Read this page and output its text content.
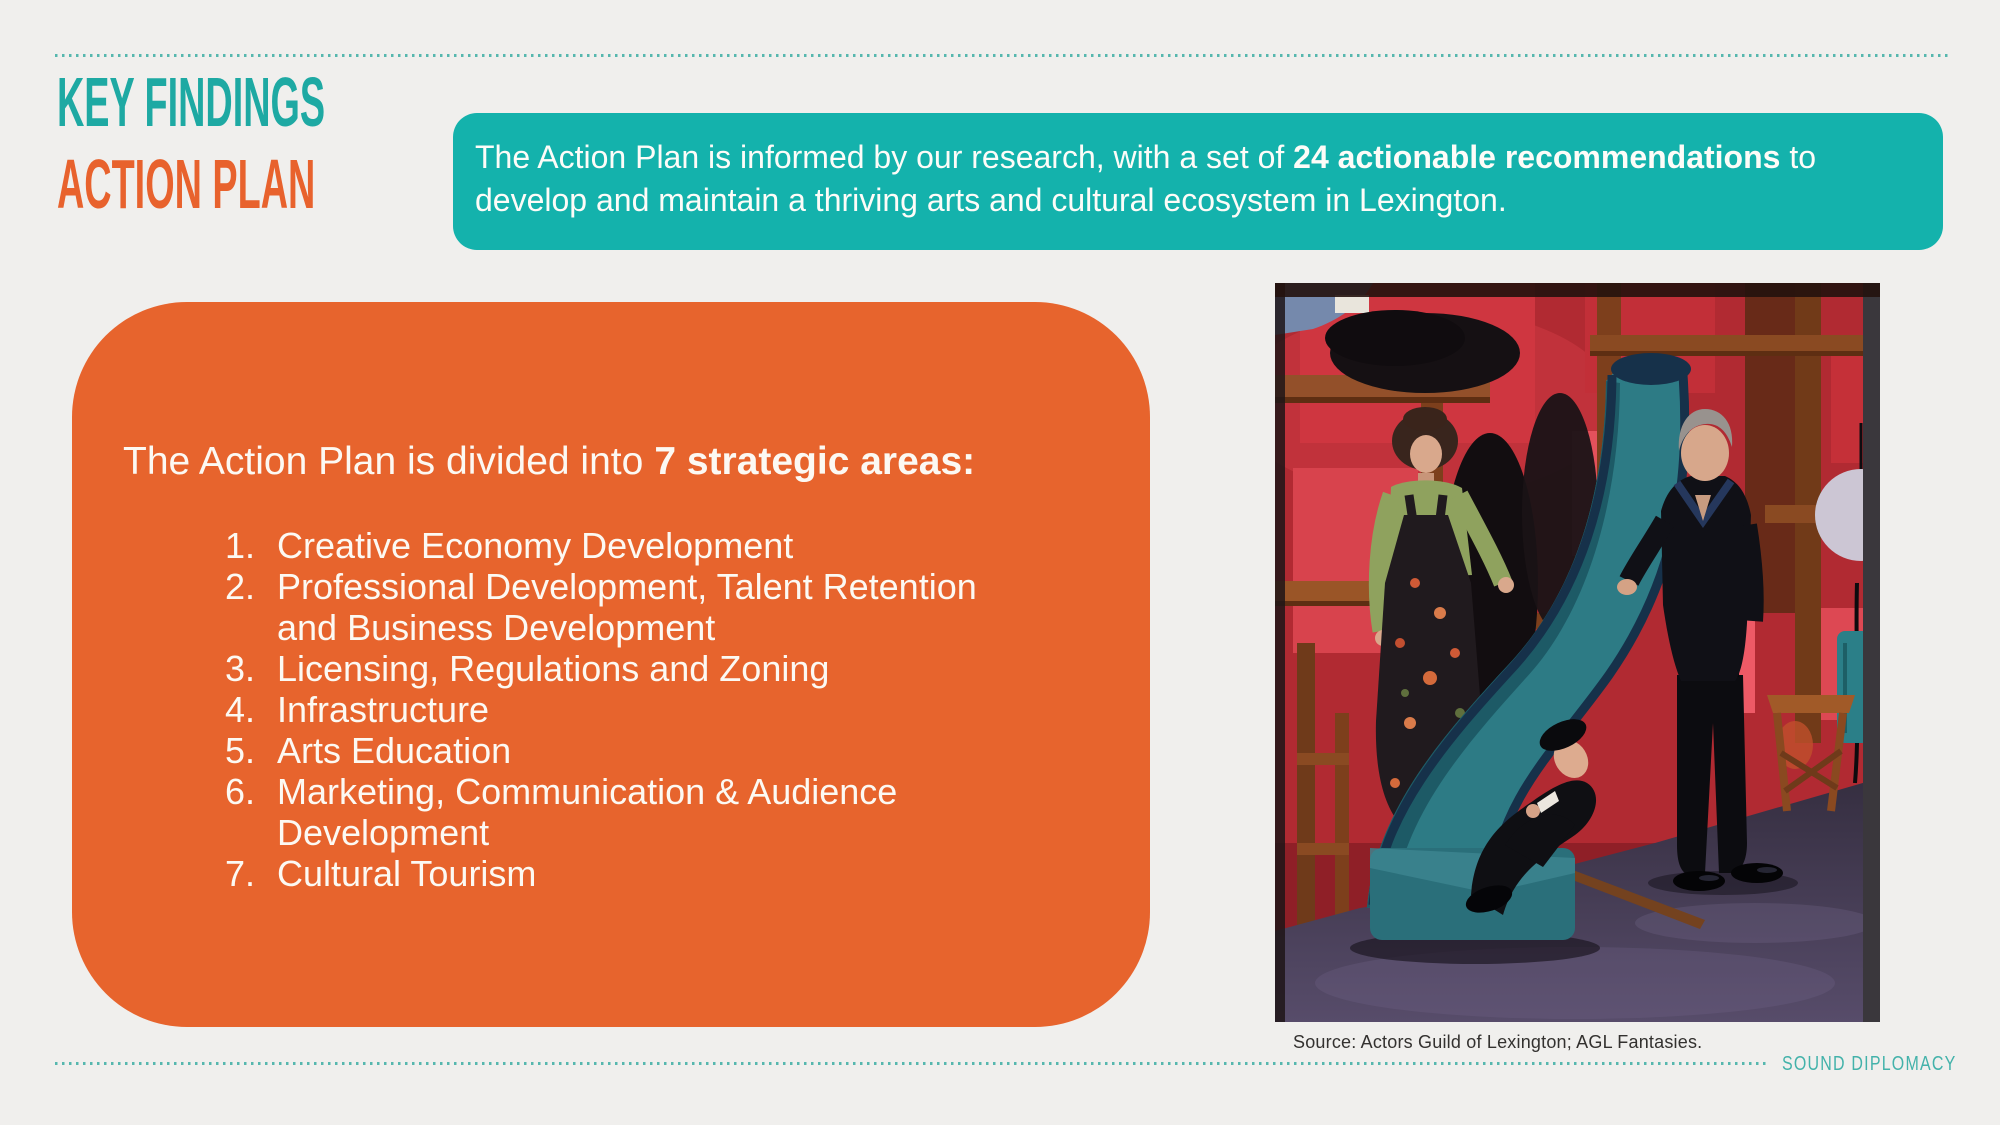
KEY FINDINGS
ACTION PLAN	The Action Plan is informed by our research, with a set of 24 actionable recommendations to develop and maintain a thriving arts and cultural ecosystem in Lexington.

The Action Plan is divided into 7 strategic areas:

1. Creative Economy Development
2. Professional Development, Talent Retention and Business Development
3. Licensing, Regulations and Zoning
4. Infrastructure
5. Arts Education
6. Marketing, Communication & Audience Development
7. Cultural Tourism

Source: Actors Guild of Lexington; AGL Fantasies.

SOUND DIPLOMACY
